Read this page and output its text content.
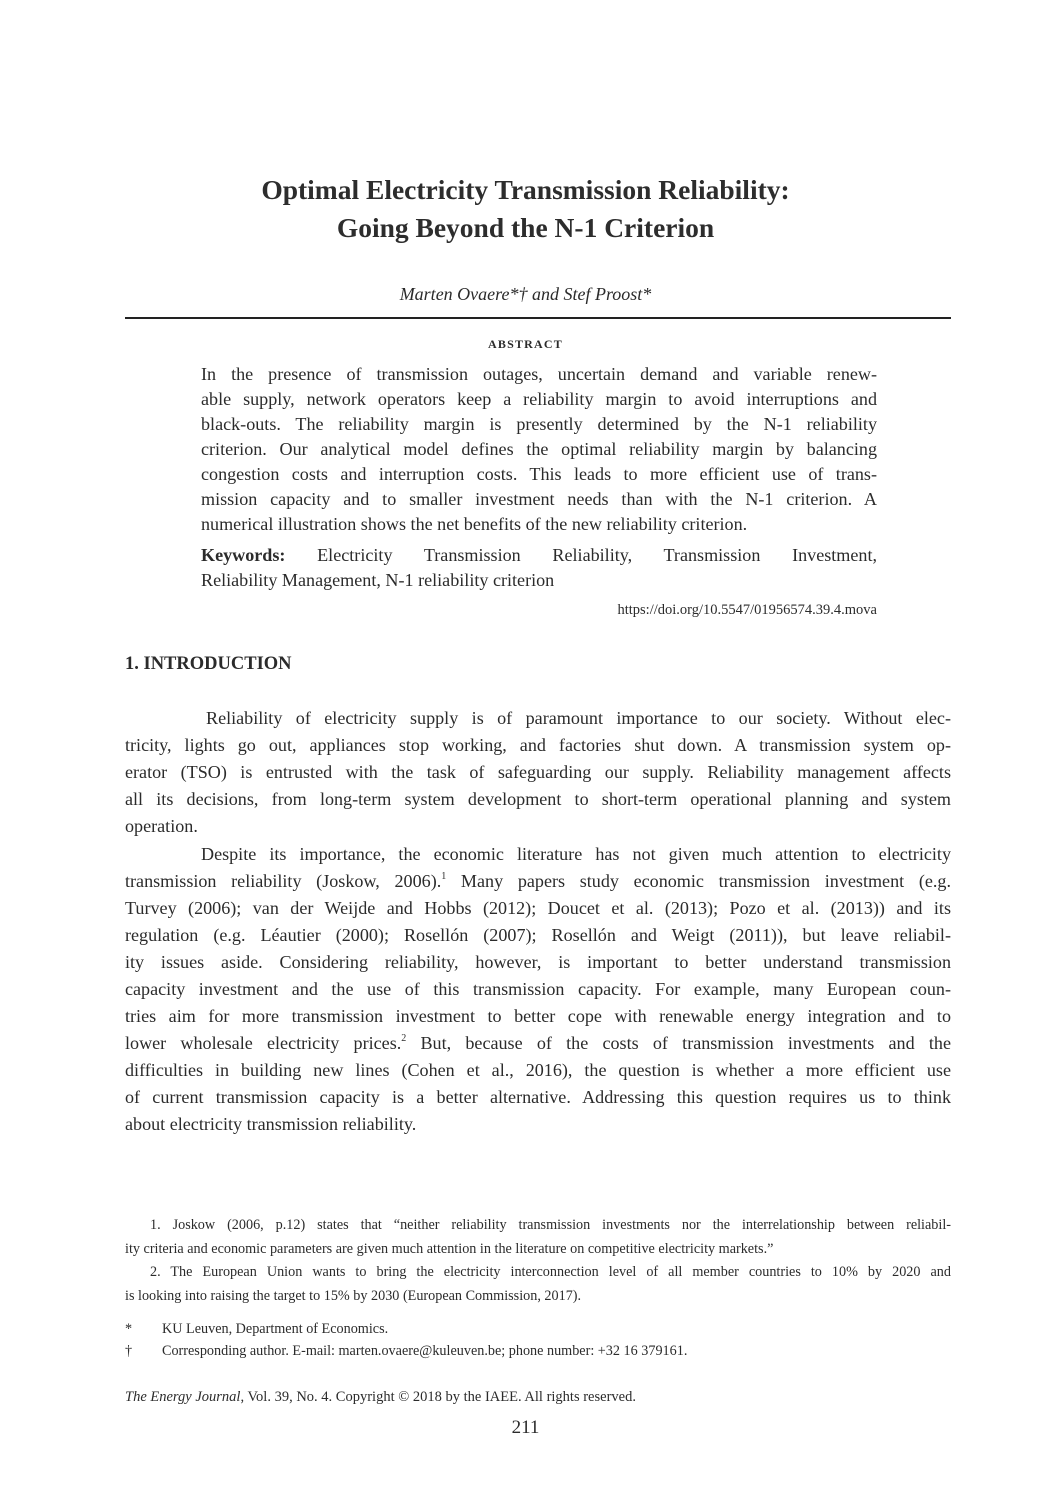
Optimal Electricity Transmission Reliability:
Going Beyond the N-1 Criterion
Marten Ovaere*† and Stef Proost*
ABSTRACT
In the presence of transmission outages, uncertain demand and variable renew-
able supply, network operators keep a reliability margin to avoid interruptions and
black-outs. The reliability margin is presently determined by the N-1 reliability
criterion. Our analytical model defines the optimal reliability margin by balancing
congestion costs and interruption costs. This leads to more efficient use of trans-
mission capacity and to smaller investment needs than with the N-1 criterion. A
numerical illustration shows the net benefits of the new reliability criterion.
Keywords: Electricity Transmission Reliability, Transmission Investment,
Reliability Management, N-1 reliability criterion
https://doi.org/10.5547/01956574.39.4.mova
1. INTRODUCTION
Reliability of electricity supply is of paramount importance to our society. Without elec-
tricity, lights go out, appliances stop working, and factories shut down. A transmission system op-
erator (TSO) is entrusted with the task of safeguarding our supply. Reliability management affects
all its decisions, from long-term system development to short-term operational planning and system
operation.
Despite its importance, the economic literature has not given much attention to electricity
transmission reliability (Joskow, 2006).$^1$ Many papers study economic transmission investment (e.g.
Turvey (2006); van der Weijde and Hobbs (2012); Doucet et al. (2013); Pozo et al. (2013)) and its
regulation (e.g. Léautier (2000); Rosellón (2007); Rosellón and Weigt (2011)), but leave reliabil-
ity issues aside. Considering reliability, however, is important to better understand transmission
capacity investment and the use of this transmission capacity. For example, many European coun-
tries aim for more transmission investment to better cope with renewable energy integration and to
lower wholesale electricity prices.$^2$ But, because of the costs of transmission investments and the
difficulties in building new lines (Cohen et al., 2016), the question is whether a more efficient use
of current transmission capacity is a better alternative. Addressing this question requires us to think
about electricity transmission reliability.
1. Joskow (2006, p.12) states that “neither reliability transmission investments nor the interrelationship between reliabil-
ity criteria and economic parameters are given much attention in the literature on competitive electricity markets.”
2. The European Union wants to bring the electricity interconnection level of all member countries to 10% by 2020 and
is looking into raising the target to 15% by 2030 (European Commission, 2017).
* KU Leuven, Department of Economics.
† Corresponding author. E-mail: marten.ovaere@kuleuven.be; phone number: +32 16 379161.
The Energy Journal, Vol. 39, No. 4. Copyright © 2018 by the IAEE. All rights reserved.
211
